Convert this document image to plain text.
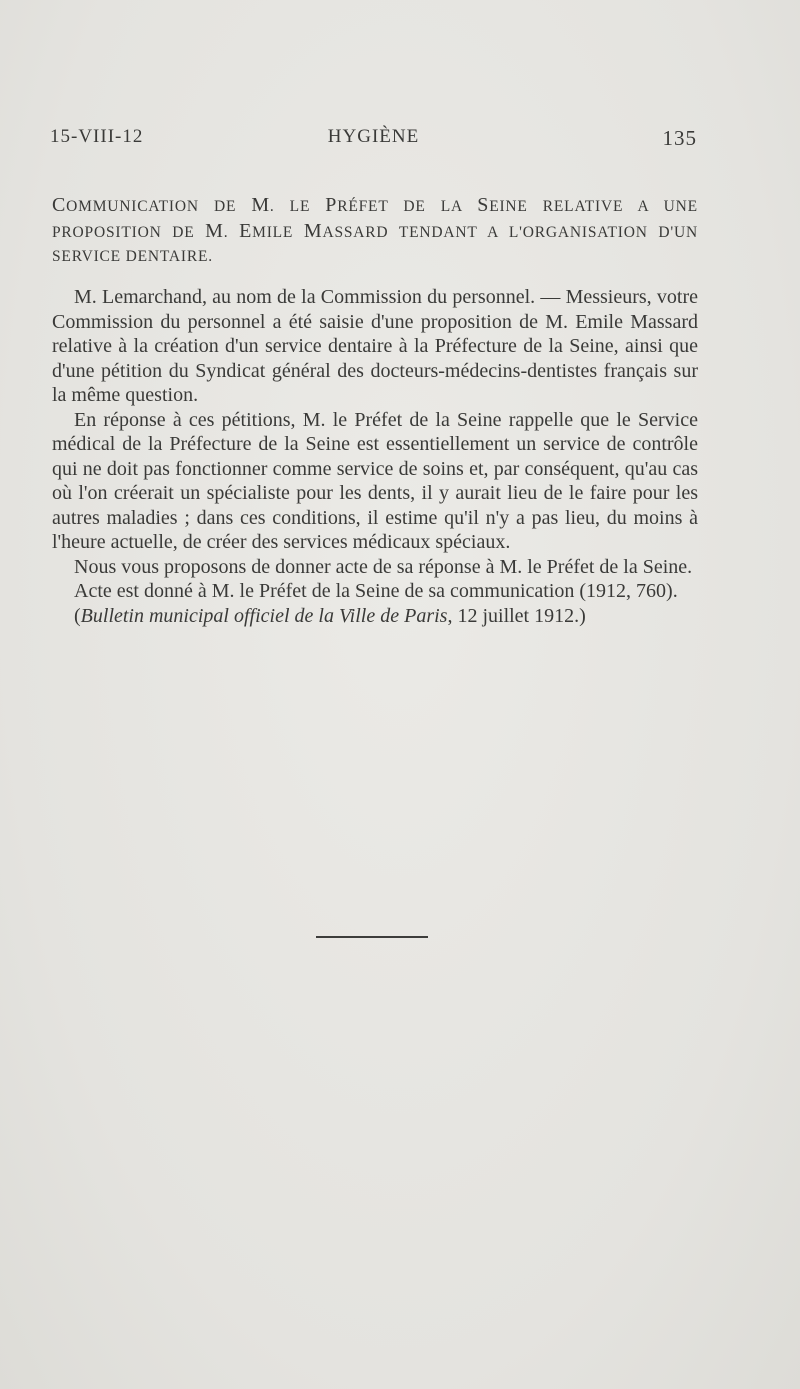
15-VIII-12	HYGIÈNE	135
COMMUNICATION DE M. LE PRÉFET DE LA SEINE RELATIVE A UNE PROPOSITION DE M. EMILE MASSARD TENDANT A L'ORGANISATION D'UN SERVICE DENTAIRE.

M. Lemarchand, au nom de la Commission du personnel. — Messieurs, votre Commission du personnel a été saisie d'une proposition de M. Emile Massard relative à la création d'un service dentaire à la Préfecture de la Seine, ainsi que d'une pétition du Syndicat général des docteurs-médecins-dentistes français sur la même question.

En réponse à ces pétitions, M. le Préfet de la Seine rappelle que le Service médical de la Préfecture de la Seine est essentiellement un service de contrôle qui ne doit pas fonctionner comme service de soins et, par conséquent, qu'au cas où l'on créerait un spécialiste pour les dents, il y aurait lieu de le faire pour les autres maladies ; dans ces conditions, il estime qu'il n'y a pas lieu, du moins à l'heure actuelle, de créer des services médicaux spéciaux.

Nous vous proposons de donner acte de sa réponse à M. le Préfet de la Seine.

Acte est donné à M. le Préfet de la Seine de sa communication (1912, 760).

(Bulletin municipal officiel de la Ville de Paris, 12 juillet 1912.)
